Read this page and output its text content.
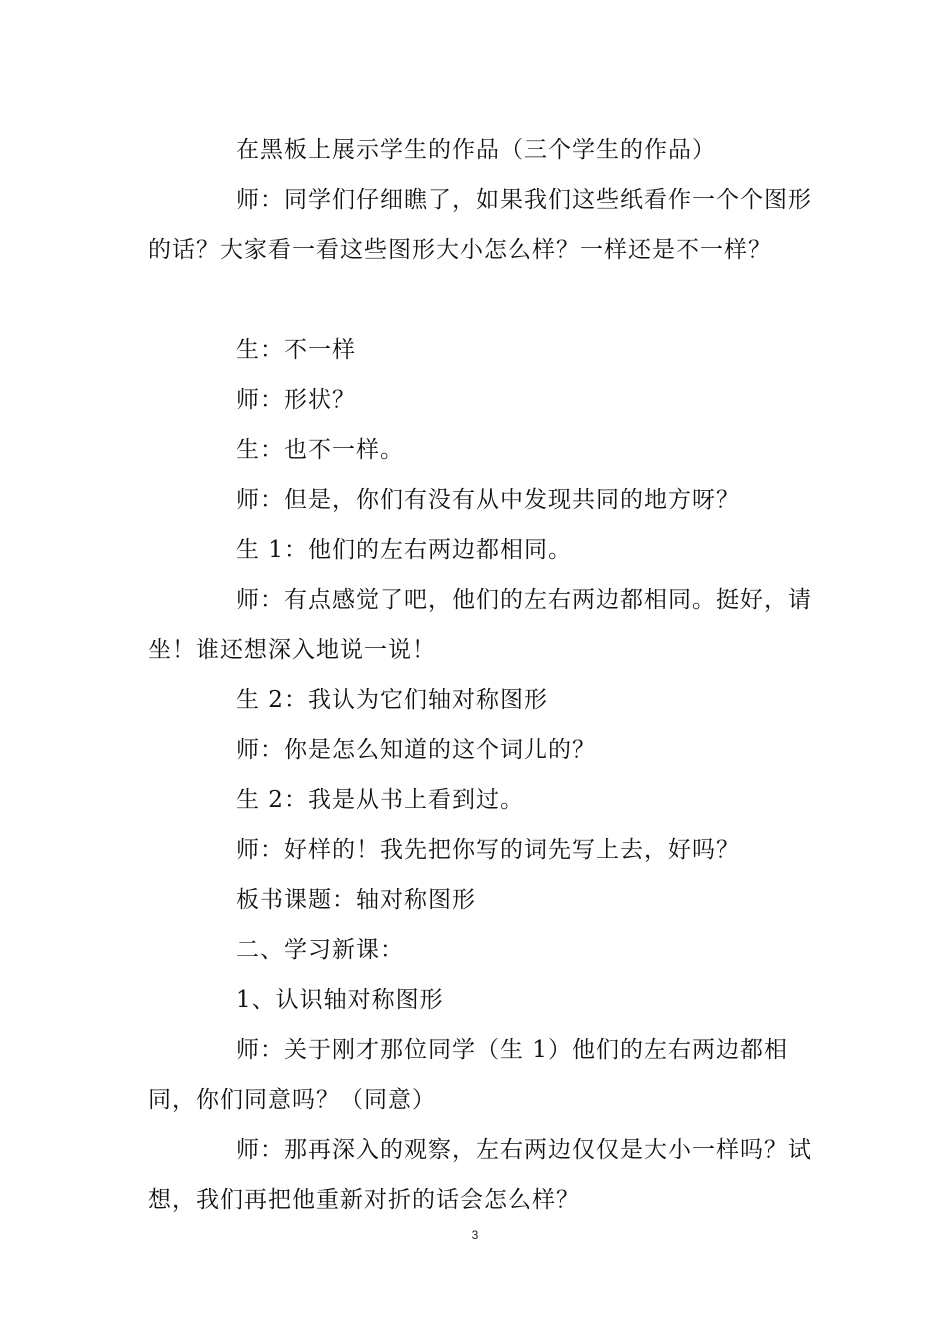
在黑板上展示学生的作品（三个学生的作品）

师：同学们仔细瞧了，如果我们这些纸看作一个个图形的话？大家看一看这些图形大小怎么样？一样还是不一样？

生：不一样

师：形状？

生：也不一样。

师：但是，你们有没有从中发现共同的地方呀？

生 1：他们的左右两边都相同。

师：有点感觉了吧，他们的左右两边都相同。挺好，请坐！谁还想深入地说一说！

生 2：我认为它们轴对称图形

师：你是怎么知道的这个词儿的？

生 2：我是从书上看到过。

师：好样的！我先把你写的词先写上去，好吗？

板书课题：轴对称图形

二、学习新课：

1、认识轴对称图形

师：关于刚才那位同学（生 1）他们的左右两边都相同，你们同意吗？（同意）

师：那再深入的观察，左右两边仅仅是大小一样吗？试想，我们再把他重新对折的话会怎么样？

3
